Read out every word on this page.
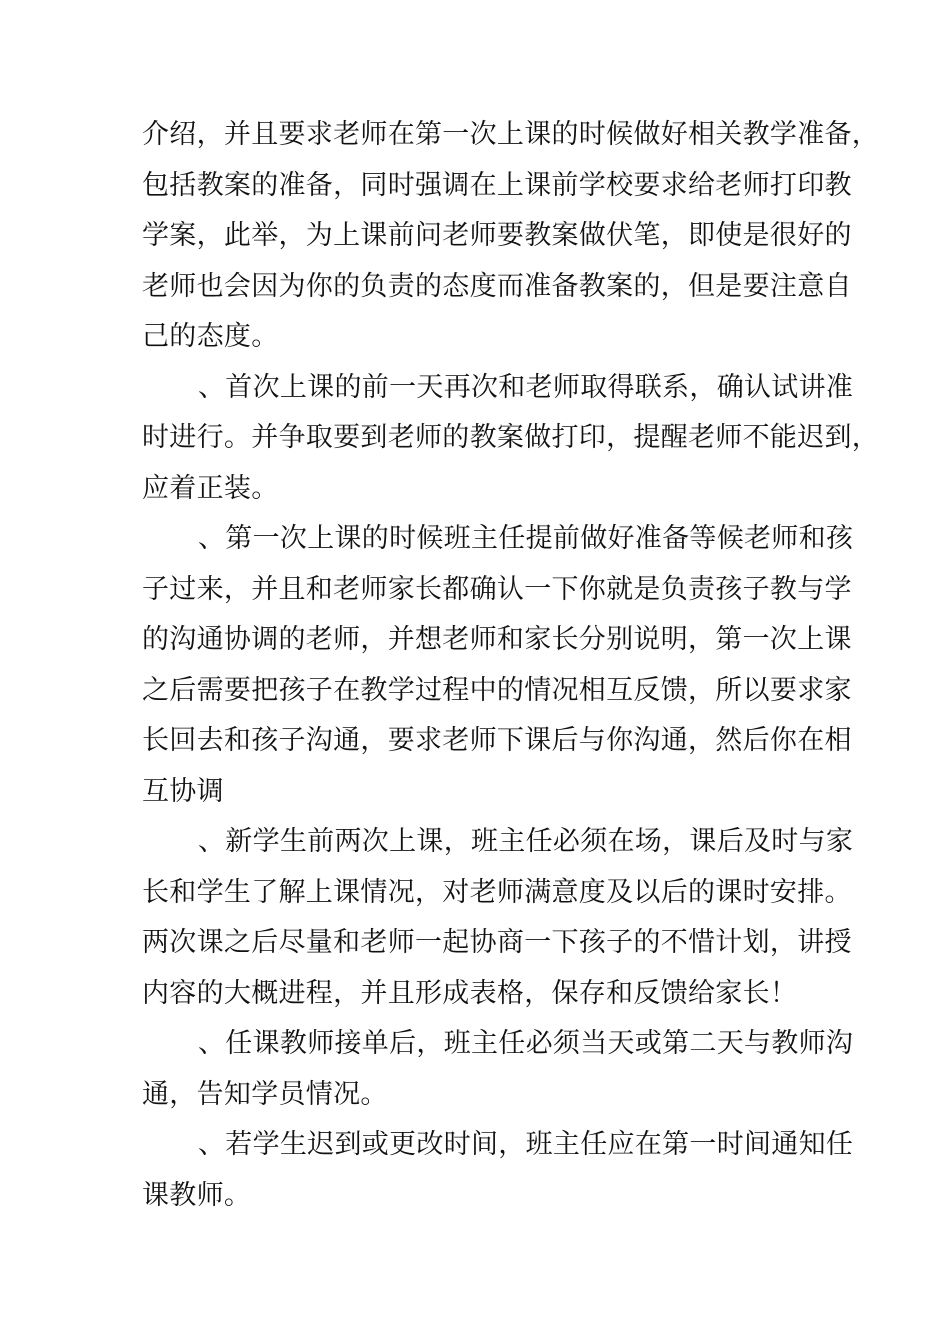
介绍，并且要求老师在第一次上课的时候做好相关教学准备，
包括教案的准备，同时强调在上课前学校要求给老师打印教
学案，此举，为上课前问老师要教案做伏笔，即使是很好的
老师也会因为你的负责的态度而准备教案的，但是要注意自
己的态度。
、首次上课的前一天再次和老师取得联系，确认试讲准
时进行。并争取要到老师的教案做打印，提醒老师不能迟到，
应着正装。
、第一次上课的时候班主任提前做好准备等候老师和孩
子过来，并且和老师家长都确认一下你就是负责孩子教与学
的沟通协调的老师，并想老师和家长分别说明，第一次上课
之后需要把孩子在教学过程中的情况相互反馈，所以要求家
长回去和孩子沟通，要求老师下课后与你沟通，然后你在相
互协调
、新学生前两次上课，班主任必须在场，课后及时与家
长和学生了解上课情况，对老师满意度及以后的课时安排。
两次课之后尽量和老师一起协商一下孩子的不惜计划，讲授
内容的大概进程，并且形成表格，保存和反馈给家长！
、任课教师接单后，班主任必须当天或第二天与教师沟
通，告知学员情况。
、若学生迟到或更改时间，班主任应在第一时间通知任
课教师。
